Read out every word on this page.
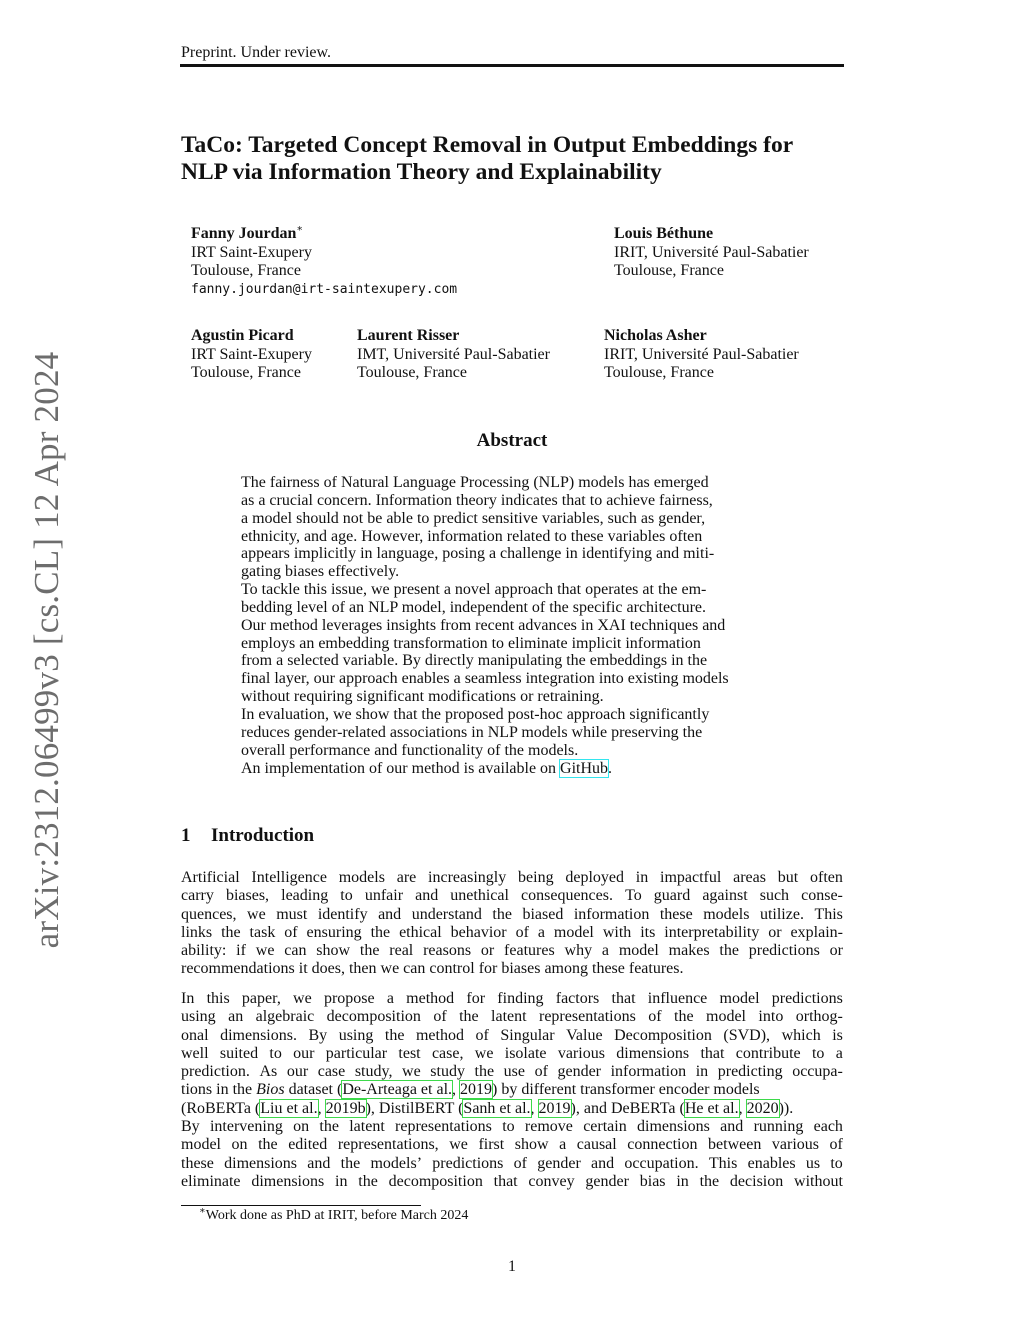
arXiv:2312.06499v3 [cs.CL] 12 Apr 2024
Preprint. Under review.
TaCo: Targeted Concept Removal in Output Embeddings for
NLP via Information Theory and Explainability
Fanny Jourdan∗
IRT Saint-Exupery
Toulouse, France
fanny.jourdan@irt-saintexupery.com
Louis Béthune
IRIT, Université Paul-Sabatier
Toulouse, France
Agustin Picard
IRT Saint-Exupery
Toulouse, France
Laurent Risser
IMT, Université Paul-Sabatier
Toulouse, France
Nicholas Asher
IRIT, Université Paul-Sabatier
Toulouse, France
Abstract
The fairness of Natural Language Processing (NLP) models has emerged
as a crucial concern. Information theory indicates that to achieve fairness,
a model should not be able to predict sensitive variables, such as gender,
ethnicity, and age. However, information related to these variables often
appears implicitly in language, posing a challenge in identifying and miti-
gating biases effectively.
To tackle this issue, we present a novel approach that operates at the em-
bedding level of an NLP model, independent of the specific architecture.
Our method leverages insights from recent advances in XAI techniques and
employs an embedding transformation to eliminate implicit information
from a selected variable. By directly manipulating the embeddings in the
final layer, our approach enables a seamless integration into existing models
without requiring significant modifications or retraining.
In evaluation, we show that the proposed post-hoc approach significantly
reduces gender-related associations in NLP models while preserving the
overall performance and functionality of the models.
An implementation of our method is available on GitHub.
1 Introduction
Artificial Intelligence models are increasingly being deployed in impactful areas but often
carry biases, leading to unfair and unethical consequences. To guard against such conse-
quences, we must identify and understand the biased information these models utilize. This
links the task of ensuring the ethical behavior of a model with its interpretability or explain-
ability: if we can show the real reasons or features why a model makes the predictions or
recommendations it does, then we can control for biases among these features.
In this paper, we propose a method for finding factors that influence model predictions
using an algebraic decomposition of the latent representations of the model into orthog-
onal dimensions. By using the method of Singular Value Decomposition (SVD), which is
well suited to our particular test case, we isolate various dimensions that contribute to a
prediction. As our case study, we study the use of gender information in predicting occupa-
tions in the Bios dataset (De-Arteaga et al., 2019) by different transformer encoder models
(RoBERTa (Liu et al., 2019b), DistilBERT (Sanh et al., 2019), and DeBERTa (He et al., 2020)).
By intervening on the latent representations to remove certain dimensions and running each
model on the edited representations, we first show a causal connection between various of
these dimensions and the models’ predictions of gender and occupation. This enables us to
eliminate dimensions in the decomposition that convey gender bias in the decision without
∗Work done as PhD at IRIT, before March 2024
1
